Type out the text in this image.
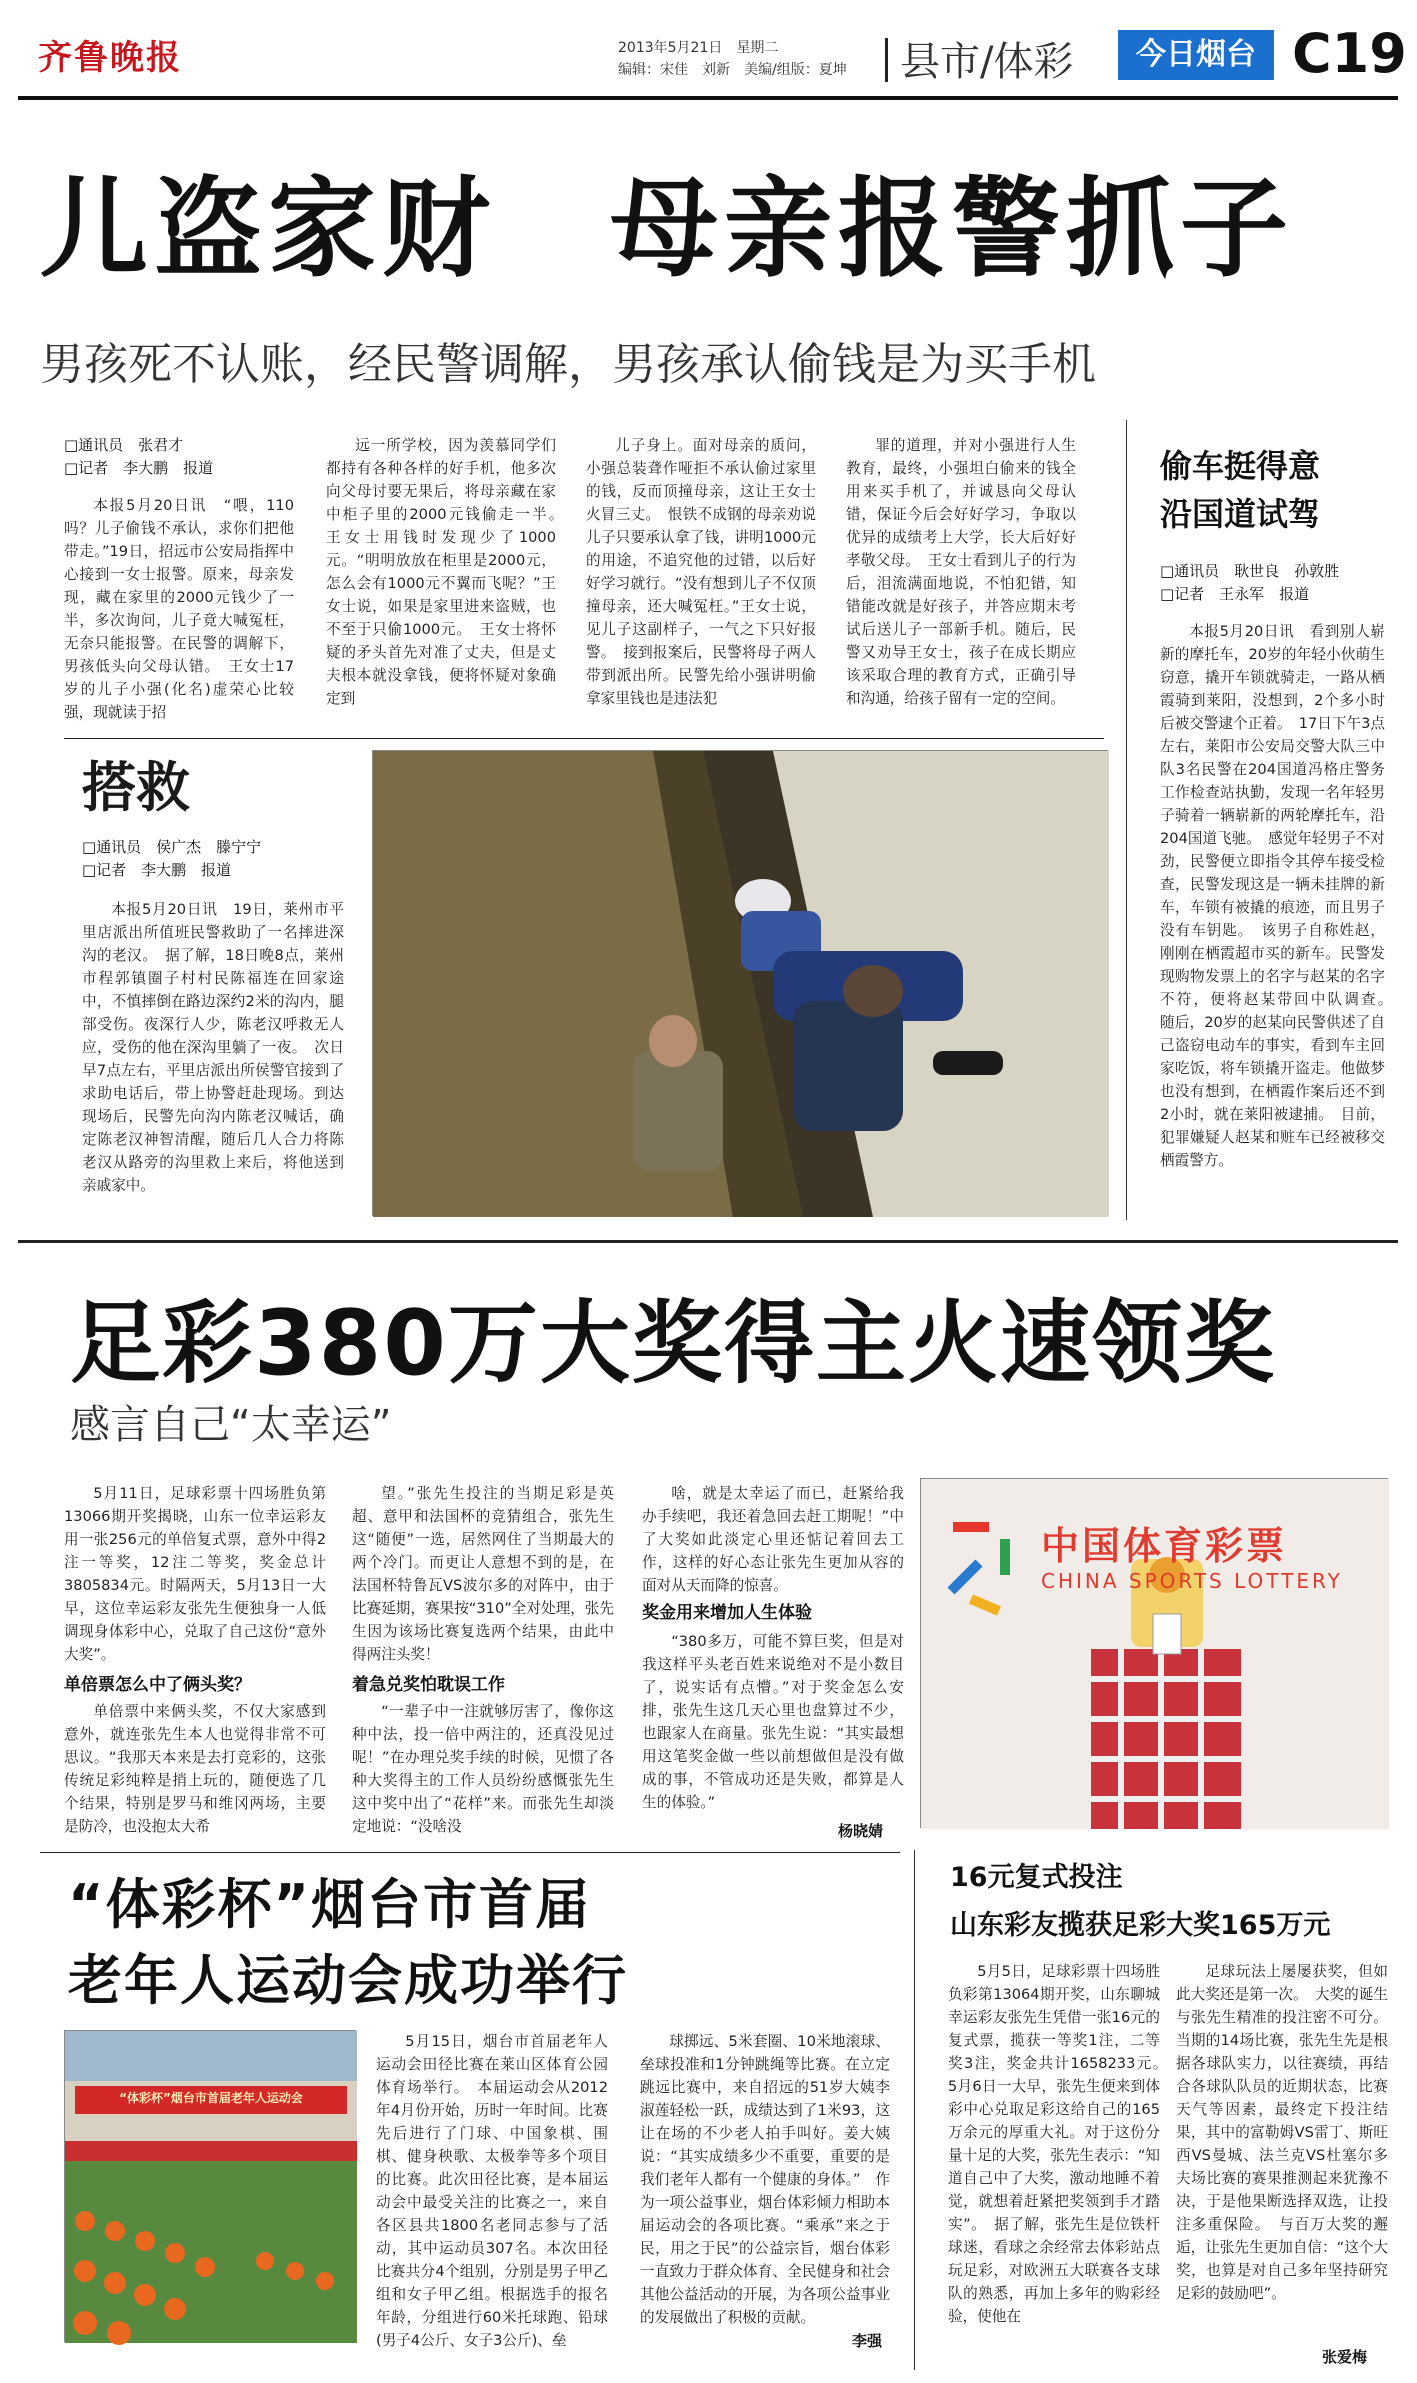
齐鲁晚报	2013年5月21日　星期二
编辑：宋佳　刘新　美编/组版：夏坤 县市/体彩	今日烟台 C19
儿盗家财　母亲报警抓子
男孩死不认账，经民警调解，男孩承认偷钱是为买手机
□通讯员　张君才
□记者　李大鹏　报道

本报5月20日讯　“喂，110吗？儿子偷钱不承认，求你们把他带走。”19日，招远市公安局指挥中心接到一女士报警。原来，母亲发现，藏在家里的2000元钱少了一半，多次询问，儿子竟大喊冤枉，无奈只能报警。在民警的调解下，男孩低头向父母认错。　王女士17岁的儿子小强(化名)虚荣心比较强，现就读于招

远一所学校，因为羡慕同学们都持有各种各样的好手机，他多次向父母讨要无果后，将母亲藏在家中柜子里的2000元钱偷走一半。　王女士用钱时发现少了1000元。“明明放放在柜里是2000元，怎么会有1000元不翼而飞呢？”王女士说，如果是家里进来盗贼，也不至于只偷1000元。　王女士将怀疑的矛头首先对准了丈夫，但是丈夫根本就没拿钱，便将怀疑对象确定到

儿子身上。面对母亲的质问，小强总装聋作哑拒不承认偷过家里的钱，反而顶撞母亲，这让王女士火冒三丈。　恨铁不成钢的母亲劝说儿子只要承认拿了钱，讲明1000元的用途，不追究他的过错，以后好好学习就行。“没有想到儿子不仅顶撞母亲，还大喊冤枉。”王女士说，见儿子这副样子，一气之下只好报警。　接到报案后，民警将母子两人带到派出所。民警先给小强讲明偷拿家里钱也是违法犯

罪的道理，并对小强进行人生教育，最终，小强坦白偷来的钱全用来买手机了，并诚恳向父母认错，保证今后会好好学习，争取以优异的成绩考上大学，长大后好好孝敬父母。　王女士看到儿子的行为后，泪流满面地说，不怕犯错，知错能改就是好孩子，并答应期末考试后送儿子一部新手机。随后，民警又劝导王女士，孩子在成长期应该采取合理的教育方式，正确引导和沟通，给孩子留有一定的空间。

偷车挺得意
沿国道试驾
□通讯员　耿世良　孙敦胜
□记者　王永军　报道

本报5月20日讯　看到别人崭新的摩托车，20岁的年轻小伙萌生窃意，撬开车锁就骑走，一路从栖霞骑到莱阳，没想到，2个多小时后被交警逮个正着。　17日下午3点左右，莱阳市公安局交警大队三中队3名民警在204国道冯格庄警务工作检查站执勤，发现一名年轻男子骑着一辆崭新的两轮摩托车，沿204国道飞驰。　感觉年轻男子不对劲，民警便立即指令其停车接受检查，民警发现这是一辆未挂牌的新车，车锁有被撬的痕迹，而且男子没有车钥匙。　该男子自称姓赵，刚刚在栖霞超市买的新车。民警发现购物发票上的名字与赵某的名字不符，便将赵某带回中队调查。　随后，20岁的赵某向民警供述了自己盗窃电动车的事实，看到车主回家吃饭，将车锁撬开盗走。他做梦也没有想到，在栖霞作案后还不到2小时，就在莱阳被逮捕。　目前，犯罪嫌疑人赵某和赃车已经被移交栖霞警方。

搭救
□通讯员　侯广杰　滕宁宁
□记者　李大鹏　报道

本报5月20日讯　19日，莱州市平里店派出所值班民警救助了一名摔进深沟的老汉。　据了解，18日晚8点，莱州市程郭镇圈子村村民陈福连在回家途中，不慎摔倒在路边深约2米的沟内，腿部受伤。夜深行人少，陈老汉呼救无人应，受伤的他在深沟里躺了一夜。　次日早7点左右，平里店派出所侯警官接到了求助电话后，带上协警赶赴现场。到达现场后，民警先向沟内陈老汉喊话，确定陈老汉神智清醒，随后几人合力将陈老汉从路旁的沟里救上来后，将他送到亲戚家中。

足彩380万大奖得主火速领奖
感言自己“太幸运”

5月11日，足球彩票十四场胜负第13066期开奖揭晓，山东一位幸运彩友用一张256元的单倍复式票，意外中得2注一等奖，12注二等奖，奖金总计3805834元。时隔两天，5月13日一大早，这位幸运彩友张先生便独身一人低调现身体彩中心，兑取了自己这份“意外大奖”。

单倍票怎么中了俩头奖？

单倍票中来俩头奖，不仅大家感到意外，就连张先生本人也觉得非常不可思议。“我那天本来是去打竞彩的，这张传统足彩纯粹是捎上玩的，随便选了几个结果，特别是罗马和维冈两场，主要是防冷，也没抱太大希

望。”张先生投注的当期足彩是英超、意甲和法国杯的竞猜组合，张先生这“随便”一选，居然网住了当期最大的两个冷门。而更让人意想不到的是，在法国杯特鲁瓦VS波尔多的对阵中，由于比赛延期，赛果按“310”全对处理，张先生因为该场比赛复选两个结果，由此中得两注头奖！

着急兑奖怕耽误工作

“一辈子中一注就够厉害了，像你这种中法，投一倍中两注的，还真没见过呢！”在办理兑奖手续的时候，见惯了各种大奖得主的工作人员纷纷感慨张先生这中奖中出了“花样”来。而张先生却淡定地说：“没啥没

啥，就是太幸运了而已，赶紧给我办手续吧，我还着急回去赶工期呢！”中了大奖如此淡定心里还惦记着回去工作，这样的好心态让张先生更加从容的面对从天而降的惊喜。

奖金用来增加人生体验

“380多万，可能不算巨奖，但是对我这样平头老百姓来说绝对不是小数目了，说实话有点懵。”对于奖金怎么安排，张先生这几天心里也盘算过不少，也跟家人在商量。张先生说：“其实最想用这笔奖金做一些以前想做但是没有做成的事，不管成功还是失败，都算是人生的体验。”

杨晓婧
中国体育彩票
CHINA SPORTS LOTTERY
“体彩杯”烟台市首届
老年人运动会成功举行
“体彩杯”烟台市首届老年人运动会

5月15日，烟台市首届老年人运动会田径比赛在莱山区体育公园体育场举行。　本届运动会从2012年4月份开始，历时一年时间。比赛先后进行了门球、中国象棋、围棋、健身秧歌、太极拳等多个项目的比赛。此次田径比赛，是本届运动会中最受关注的比赛之一，来自各区县共1800名老同志参与了活动，其中运动员307名。本次田径比赛共分4个组别，分别是男子甲乙组和女子甲乙组。根据选手的报名年龄，分组进行60米托球跑、铅球(男子4公斤、女子3公斤)、垒

球掷远、5米套圈、10米地滚球、垒球投准和1分钟跳绳等比赛。在立定跳远比赛中，来自招远的51岁大姨李淑莲轻松一跃，成绩达到了1米93，这让在场的不少老人拍手叫好。姜大姨说：“其实成绩多少不重要，重要的是我们老年人都有一个健康的身体。”　作为一项公益事业，烟台体彩倾力相助本届运动会的各项比赛。“乘承”来之于民，用之于民”的公益宗旨，烟台体彩一直致力于群众体育、全民健身和社会其他公益活动的开展，为各项公益事业的发展做出了积极的贡献。

李强
16元复式投注
山东彩友揽获足彩大奖165万元

5月5日，足球彩票十四场胜负彩第13064期开奖，山东聊城幸运彩友张先生凭借一张16元的复式票，揽获一等奖1注，二等奖3注，奖金共计1658233元。　5月6日一大早，张先生便来到体彩中心兑取足彩这给自己的165万余元的厚重大礼。对于这份分量十足的大奖，张先生表示：“知道自己中了大奖，激动地睡不着觉，就想着赶紧把奖领到手才踏实”。　据了解，张先生是位铁杆球迷，看球之余经常去体彩站点玩足彩，对欧洲五大联赛各支球队的熟悉，再加上多年的购彩经验，使他在

足球玩法上屡屡获奖，但如此大奖还是第一次。　大奖的诞生与张先生精准的投注密不可分。当期的14场比赛，张先生先是根据各球队实力，以往赛绩，再结合各球队队员的近期状态，比赛天气等因素，最终定下投注结果，其中的富勒姆VS雷丁、斯旺西VS曼城、法兰克VS杜塞尔多夫场比赛的赛果推测起来犹豫不决，于是他果断选择双选，让投注多重保险。　与百万大奖的邂逅，让张先生更加自信：“这个大奖，也算是对自己多年坚持研究足彩的鼓励吧”。

张爱梅
